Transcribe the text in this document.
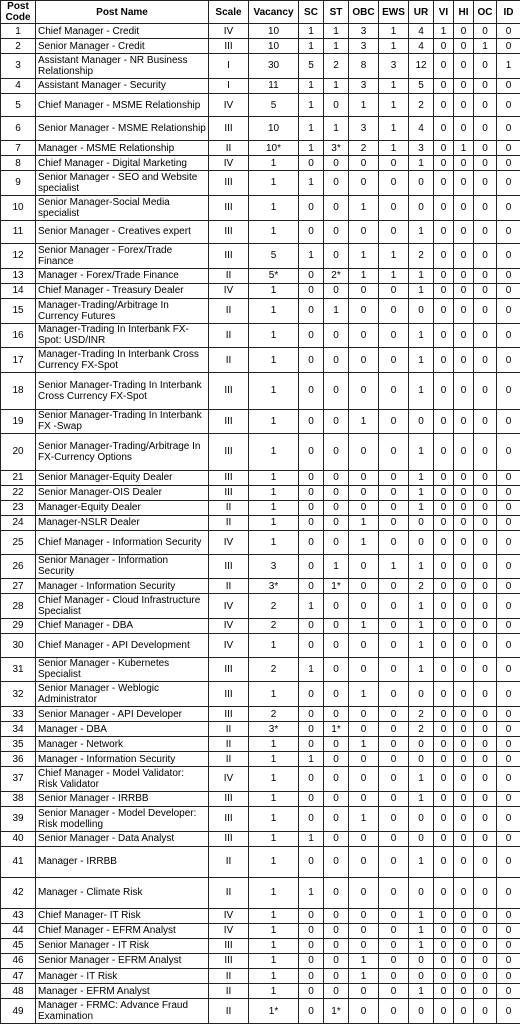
Post Code	Post Name	Scale	Vacancy	SC	ST	OBC	EWS	UR	VI	HI	OC	ID
1	Chief Manager - Credit	IV	10	1	1	3	1	4	1	0	0	0
2	Senior Manager - Credit	III	10	1	1	3	1	4	0	0	1	0
3	Assistant Manager - NR Business Relationship	I	30	5	2	8	3	12	0	0	0	1
4	Assistant Manager - Security	I	11	1	1	3	1	5	0	0	0	0
5	Chief Manager - MSME Relationship	IV	5	1	0	1	1	2	0	0	0	0
6	Senior Manager - MSME Relationship	III	10	1	1	3	1	4	0	0	0	0
7	Manager - MSME Relationship	II	10*	1	3*	2	1	3	0	1	0	0
8	Chief Manager - Digital Marketing	IV	1	0	0	0	0	1	0	0	0	0
9	Senior Manager - SEO and Website specialist	III	1	1	0	0	0	0	0	0	0	0
10	Senior Manager-Social Media specialist	III	1	0	0	1	0	0	0	0	0	0
11	Senior Manager - Creatives expert	III	1	0	0	0	0	1	0	0	0	0
12	Senior Manager - Forex/Trade Finance	III	5	1	0	1	1	2	0	0	0	0
13	Manager - Forex/Trade Finance	II	5*	0	2*	1	1	1	0	0	0	0
14	Chief Manager - Treasury Dealer	IV	1	0	0	0	0	1	0	0	0	0
15	Manager-Trading/Arbitrage In Currency Futures	II	1	0	1	0	0	0	0	0	0	0
16	Manager-Trading In Interbank FX-Spot: USD/INR	II	1	0	0	0	0	1	0	0	0	0
17	Manager-Trading In Interbank Cross Currency FX-Spot	II	1	0	0	0	0	1	0	0	0	0
18	Senior Manager-Trading In Interbank Cross Currency FX-Spot	III	1	0	0	0	0	1	0	0	0	0
19	Senior Manager-Trading In Interbank FX -Swap	III	1	0	0	1	0	0	0	0	0	0
20	Senior Manager-Trading/Arbitrage In FX-Currency Options	III	1	0	0	0	0	1	0	0	0	0
21	Senior Manager-Equity Dealer	III	1	0	0	0	0	1	0	0	0	0
22	Senior Manager-OIS Dealer	III	1	0	0	0	0	1	0	0	0	0
23	Manager-Equity Dealer	II	1	0	0	0	0	1	0	0	0	0
24	Manager-NSLR Dealer	II	1	0	0	1	0	0	0	0	0	0
25	Chief Manager - Information Security	IV	1	0	0	1	0	0	0	0	0	0
26	Senior Manager - Information Security	III	3	0	1	0	1	1	0	0	0	0
27	Manager - Information Security	II	3*	0	1*	0	0	2	0	0	0	0
28	Chief Manager - Cloud Infrastructure Specialist	IV	2	1	0	0	0	1	0	0	0	0
29	Chief Manager - DBA	IV	2	0	0	1	0	1	0	0	0	0
30	Chief Manager - API Development	IV	1	0	0	0	0	1	0	0	0	0
31	Senior Manager - Kubernetes Specialist	III	2	1	0	0	0	1	0	0	0	0
32	Senior Manager - Weblogic Administrator	III	1	0	0	1	0	0	0	0	0	0
33	Senior Manager - API Developer	III	2	0	0	0	0	2	0	0	0	0
34	Manager - DBA	II	3*	0	1*	0	0	2	0	0	0	0
35	Manager - Network	II	1	0	0	1	0	0	0	0	0	0
36	Manager - Information Security	II	1	1	0	0	0	0	0	0	0	0
37	Chief Manager - Model Validator: Risk Validator	IV	1	0	0	0	0	1	0	0	0	0
38	Senior Manager - IRRBB	III	1	0	0	0	0	1	0	0	0	0
39	Senior Manager - Model Developer: Risk modelling	III	1	0	0	1	0	0	0	0	0	0
40	Senior Manager - Data Analyst	III	1	1	0	0	0	0	0	0	0	0
41	Manager - IRRBB	II	1	0	0	0	0	1	0	0	0	0
42	Manager - Climate Risk	II	1	1	0	0	0	0	0	0	0	0
43	Chief Manager- IT Risk	IV	1	0	0	0	0	1	0	0	0	0
44	Chief Manager - EFRM Analyst	IV	1	0	0	0	0	1	0	0	0	0
45	Senior Manager - IT Risk	III	1	0	0	0	0	1	0	0	0	0
46	Senior Manager - EFRM Analyst	III	1	0	0	1	0	0	0	0	0	0
47	Manager - IT Risk	II	1	0	0	1	0	0	0	0	0	0
48	Manager - EFRM Analyst	II	1	0	0	0	0	1	0	0	0	0
49	Manager - FRMC: Advance Fraud Examination	II	1*	0	1*	0	0	0	0	0	0	0
